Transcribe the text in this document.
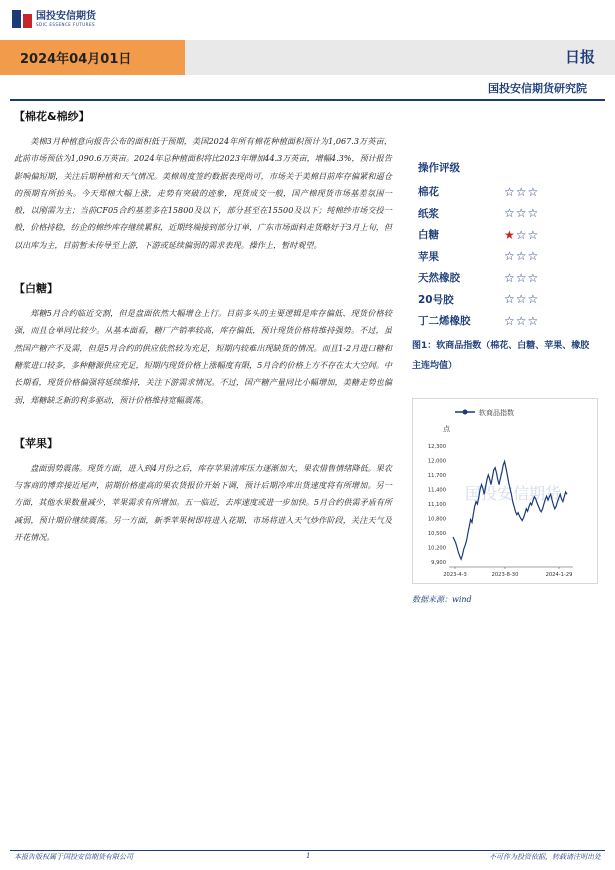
国投安信期货
SDIC ESSENCE FUTURES
2024年04月01日	日报
国投安信期货研究院
【棉花&棉纱】
美棉3月种植意向报告公布的面积低于预期，美国2024年所有棉花种植面积预计为1,067.3万英亩，此前市场预估为1,090.6万英亩。2024年总种植面积将比2023年增加44.3万英亩，增幅4.3%，预计报告影响偏短期，关注后期种植和天气情况。美棉周度签约数据表现尚可，市场关于美棉目前库存偏紧和逼仓的预期有所抬头。今天郑棉大幅上涨，走势有突破的迹象，现货成交一般，国产棉现货市场基差氛围一般，以刚需为主；当前CF05合约基差多在15800及以下，部分甚至在15500及以下；纯棉纱市场交投一般，价格持稳，纺企的棉纱库存继续累积，近期终端接到部分订单，广东市场面料走货略好于3月上旬，但以出库为主，目前暂未传导至上游，下游或延续偏弱的需求表现。操作上，暂时观望。
【白糖】
郑糖5月合约临近交割，但是盘面依然大幅增仓上行。目前多头的主要逻辑是库存偏低、现货价格较强，而且仓单同比较少。从基本面看，糖厂产销率较高，库存偏低，预计现货价格将维持强势。不过，虽然国产糖产不及需，但是5月合约的供应依然较为充足，短期内较难出现缺货的情况。而且1-2月进口糖和糖浆进口较多，多种糖源供应充足，短期内现货价格上涨幅度有限，5月合约价格上方不存在太大空间。中长期看，现货价格偏强将延续维持，关注下游需求情况。不过，国产糖产量同比小幅增加，美糖走势也偏弱，郑糖缺乏新的利多驱动，预计价格维持宽幅震荡。
【苹果】
盘面弱势震荡。现货方面，进入到4月份之后，库存苹果清库压力逐渐加大，果农惜售情绪降低。果农与客商的博弈接近尾声，前期价格虚高的果农货报价开始下调，预计后期冷库出货速度将有所增加。另一方面，其他水果数量减少，苹果需求有所增加。五一临近，去库速度或进一步加快。5月合约供需矛盾有所减弱，预计期价继续震荡。另一方面，新季苹果树即将进入花期，市场将进入天气炒作阶段，关注天气及开花情况。
操作评级
棉花	☆☆☆
纸浆	☆☆☆
白糖	★☆☆
苹果	☆☆☆
天然橡胶	☆☆☆
20号胶	☆☆☆
丁二烯橡胶	☆☆☆
图1：软商品指数（棉花、白糖、苹果、橡胶主连均值）
国投安信期货
软商品指数
点
12,300
12,000
11,700
11,400
11,100
10,800
10,500
10,200
9,900
2023-4-3	2023-8-30	2024-1-29
数据来源：wind
本报告版权属于国投安信期货有限公司	1	不可作为投资依据，转载请注明出处
